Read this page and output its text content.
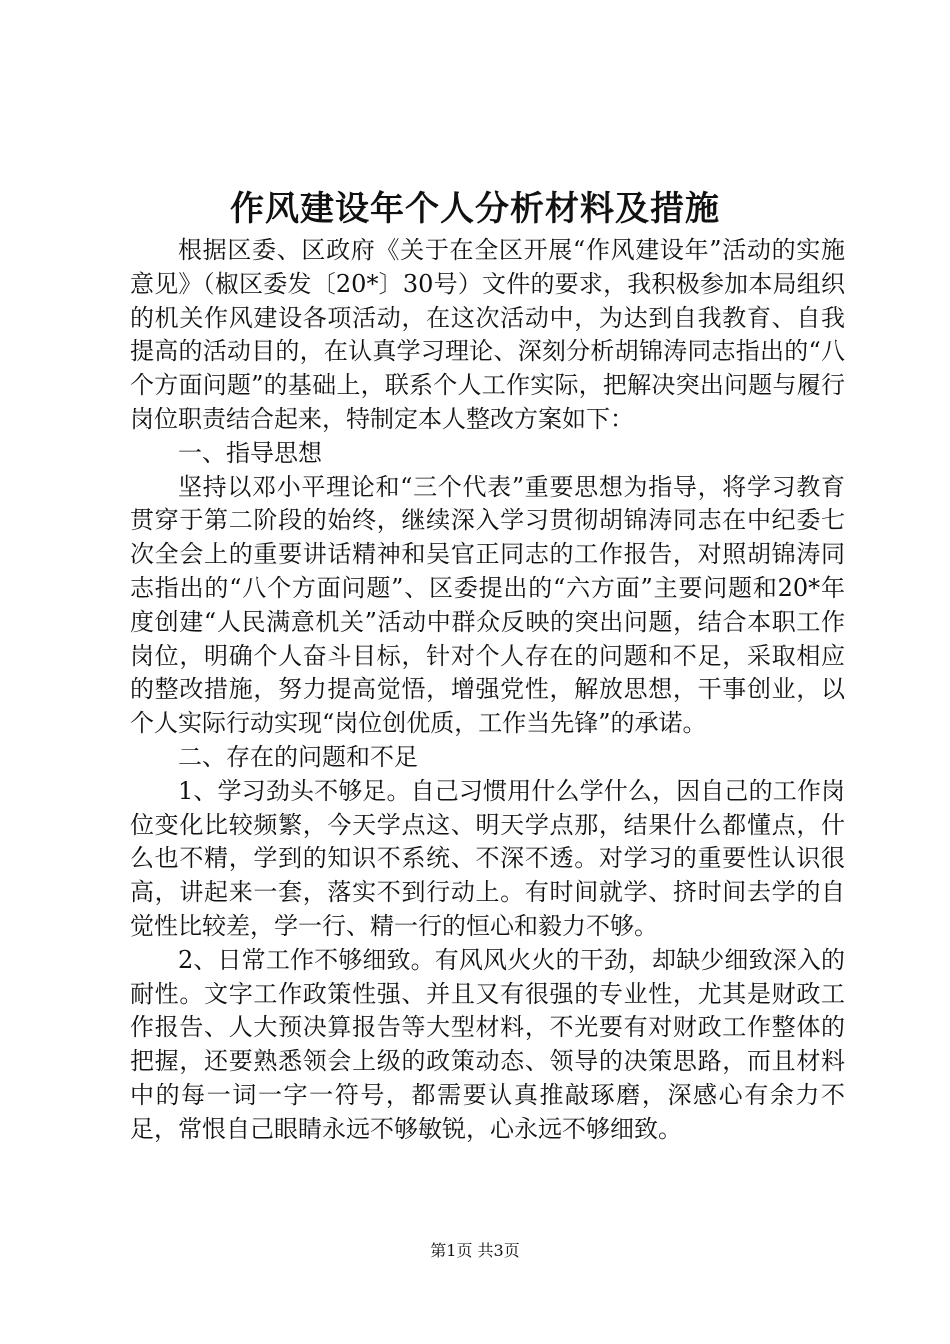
作风建设年个人分析材料及措施

根据区委、区政府《关于在全区开展“作风建设年”活动的实施意见》（椒区委发〔20*〕30号）文件的要求，我积极参加本局组织的机关作风建设各项活动，在这次活动中，为达到自我教育、自我提高的活动目的，在认真学习理论、深刻分析胡锦涛同志指出的“八个方面问题”的基础上，联系个人工作实际，把解决突出问题与履行岗位职责结合起来，特制定本人整改方案如下：

一、指导思想

坚持以邓小平理论和“三个代表”重要思想为指导，将学习教育贯穿于第二阶段的始终，继续深入学习贯彻胡锦涛同志在中纪委七次全会上的重要讲话精神和吴官正同志的工作报告，对照胡锦涛同志指出的“八个方面问题”、区委提出的“六方面”主要问题和20*年度创建“人民满意机关”活动中群众反映的突出问题，结合本职工作岗位，明确个人奋斗目标，针对个人存在的问题和不足，采取相应的整改措施，努力提高觉悟，增强党性，解放思想，干事创业，以个人实际行动实现“岗位创优质，工作当先锋”的承诺。

二、存在的问题和不足

1、学习劲头不够足。自己习惯用什么学什么，因自己的工作岗位变化比较频繁，今天学点这、明天学点那，结果什么都懂点，什么也不精，学到的知识不系统、不深不透。对学习的重要性认识很高，讲起来一套，落实不到行动上。有时间就学、挤时间去学的自觉性比较差，学一行、精一行的恒心和毅力不够。

2、日常工作不够细致。有风风火火的干劲，却缺少细致深入的耐性。文字工作政策性强、并且又有很强的专业性，尤其是财政工作报告、人大预决算报告等大型材料，不光要有对财政工作整体的把握，还要熟悉领会上级的政策动态、领导的决策思路，而且材料中的每一词一字一符号，都需要认真推敲琢磨，深感心有余力不足，常恨自己眼睛永远不够敏锐，心永远不够细致。

第1页 共3页
